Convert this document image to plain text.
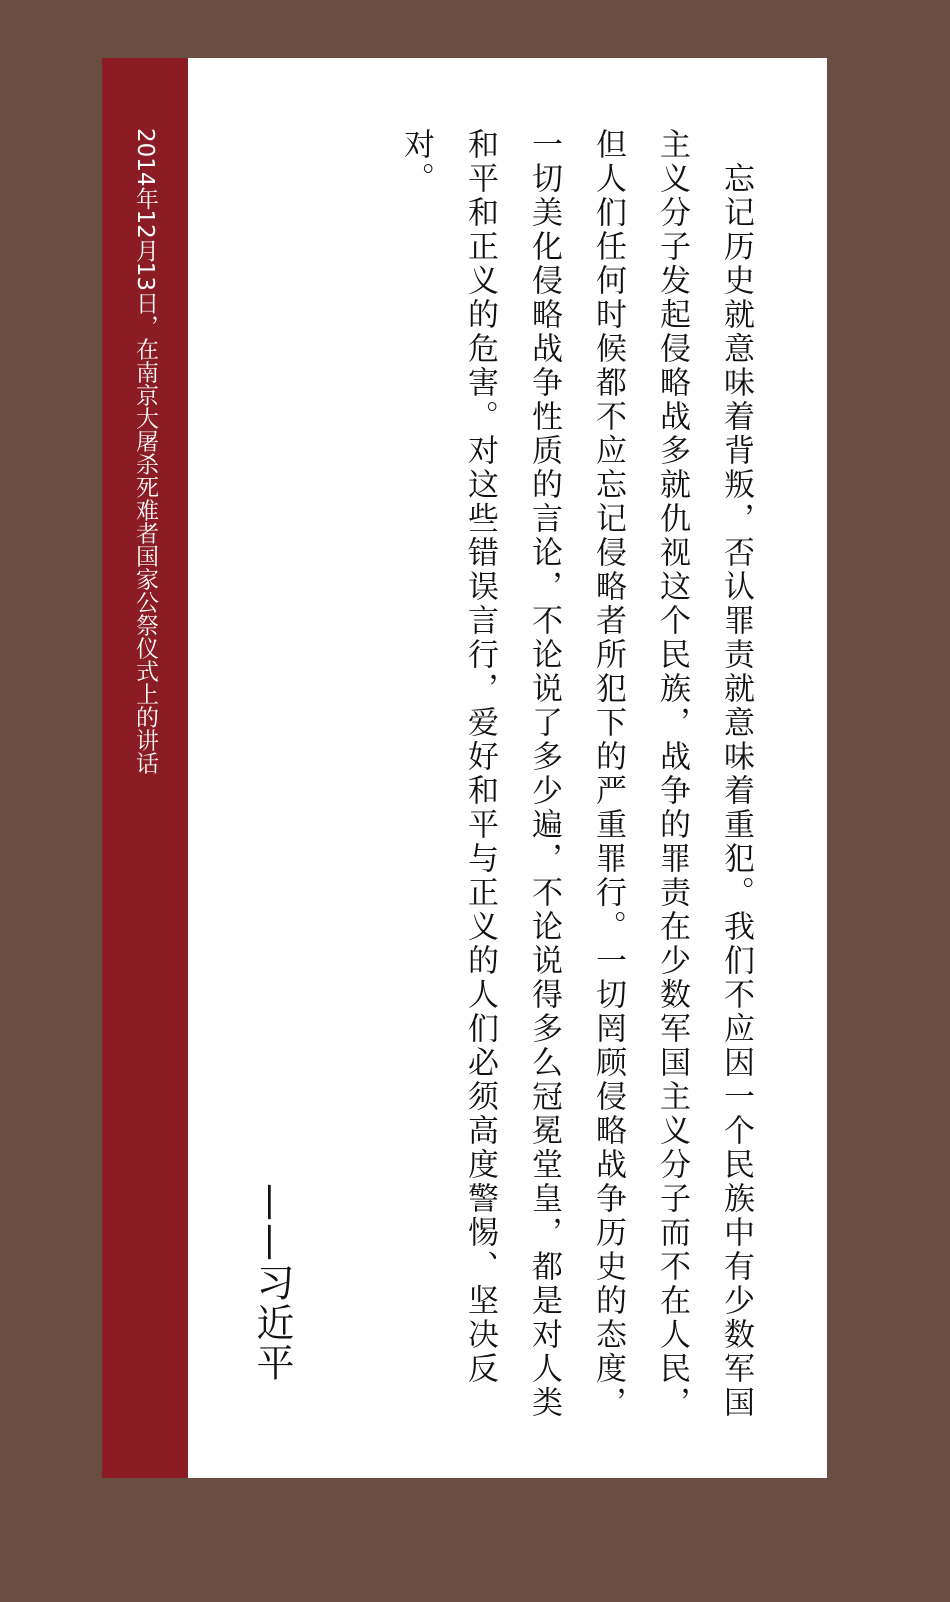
2014年12月13日，在南京大屠杀死难者国家公祭仪式上的讲话	　忘记历史就意味着背叛，否认罪责就意味着重犯。我们不应因一个民族中有少数军国主义分子发起侵略战多就仇视这个民族，战争的罪责在少数军国主义分子而不在人民，但人们任何时候都不应忘记侵略者所犯下的严重罪行。一切罔顾侵略战争历史的态度，一切美化侵略战争性质的言论，不论说了多少遍，不论说得多么冠冕堂皇，都是对人类和平和正义的危害。对这些错误言行，爱好和平与正义的人们必须高度警惕、坚决反对。

——习近平
